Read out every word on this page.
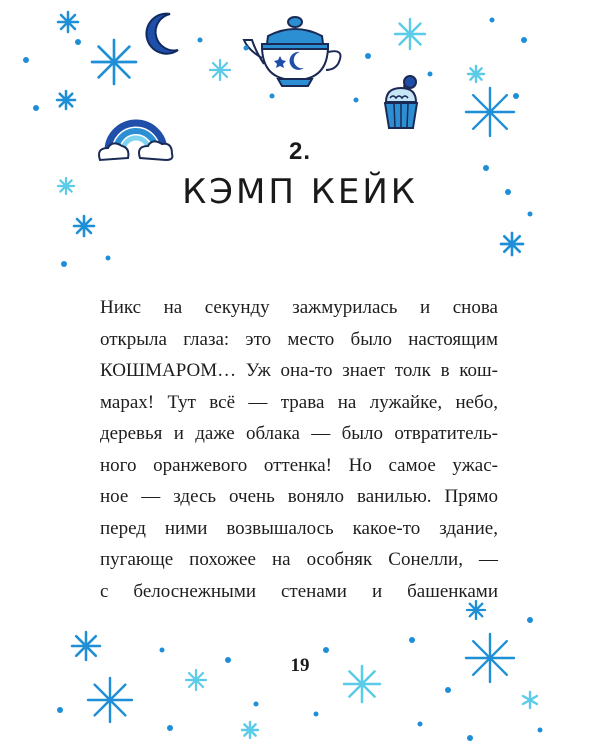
2.
КЭМП КЕЙК
Никс на секунду зажмурилась и снова
открыла глаза: это место было настоящим
КОШМАРОМ… Уж она-то знает толк в кош-
марах! Тут всё — трава на лужайке, небо,
деревья и даже облака — было отвратитель-
ного оранжевого оттенка! Но самое ужас-
ное — здесь очень воняло ванилью. Прямо
перед ними возвышалось какое-то здание,
пугающе похожее на особняк Сонелли, —
с белоснежными стенами и башенками
19
